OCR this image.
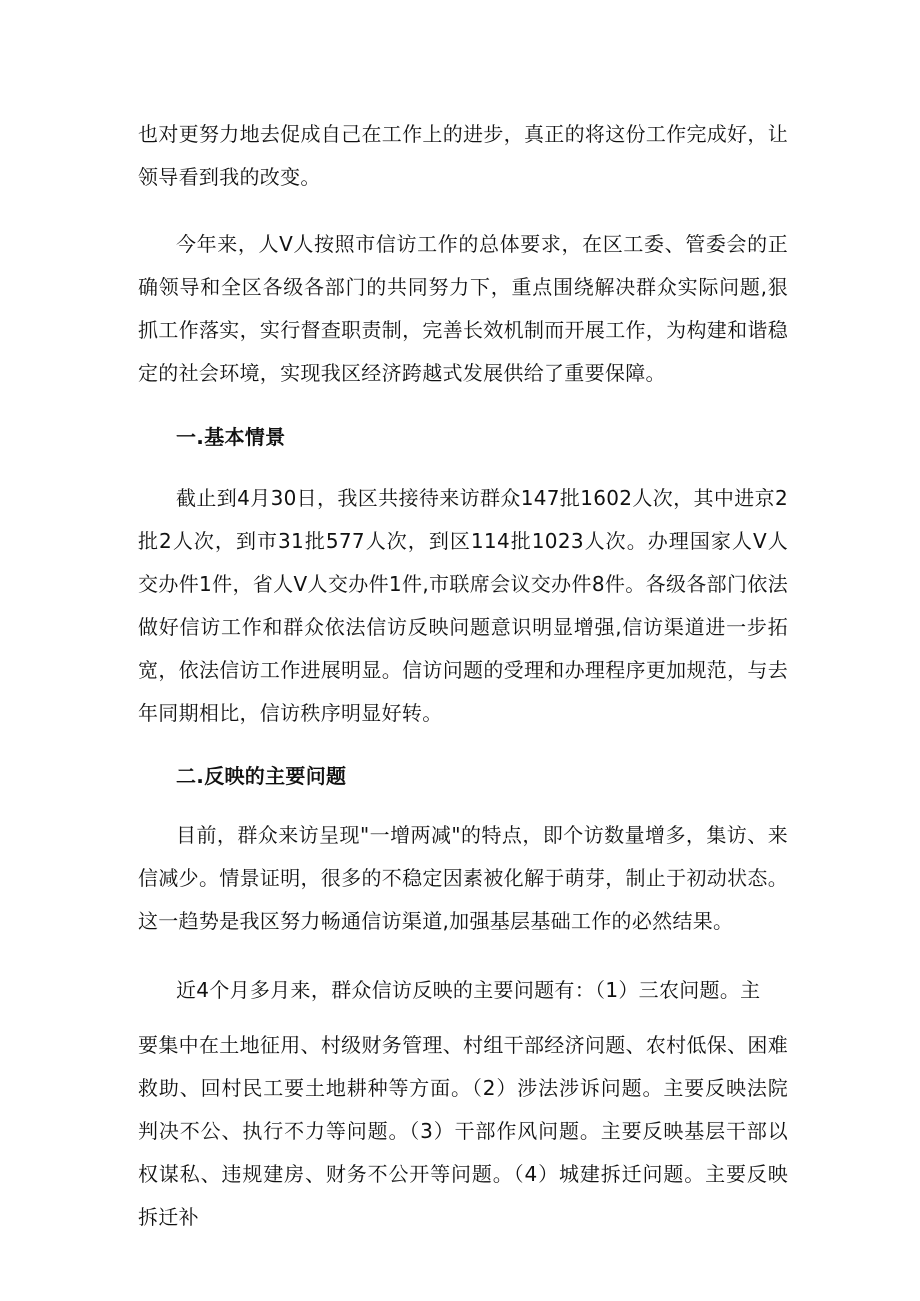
也对更努力地去促成自己在工作上的进步，真正的将这份工作完成好，让领导看到我的改变。

今年来，人V人按照市信访工作的总体要求，在区工委、管委会的正确领导和全区各级各部门的共同努力下，重点围绕解决群众实际问题,狠抓工作落实，实行督查职责制，完善长效机制而开展工作，为构建和谐稳定的社会环境，实现我区经济跨越式发展供给了重要保障。

一.基本情景

截止到4月30日，我区共接待来访群众147批1602人次，其中进京2批2人次，到市31批577人次，到区114批1023人次。办理国家人V人交办件1件，省人V人交办件1件,市联席会议交办件8件。各级各部门依法做好信访工作和群众依法信访反映问题意识明显增强,信访渠道进一步拓宽，依法信访工作进展明显。信访问题的受理和办理程序更加规范，与去年同期相比，信访秩序明显好转。

二.反映的主要问题

目前，群众来访呈现"一增两减"的特点，即个访数量增多，集访、来信减少。情景证明，很多的不稳定因素被化解于萌芽，制止于初动状态。这一趋势是我区努力畅通信访渠道,加强基层基础工作的必然结果。

近4个月多月来，群众信访反映的主要问题有：（1）三农问题。主

要集中在土地征用、村级财务管理、村组干部经济问题、农村低保、困难救助、回村民工要土地耕种等方面。（2）涉法涉诉问题。主要反映法院判决不公、执行不力等问题。（3）干部作风问题。主要反映基层干部以权谋私、违规建房、财务不公开等问题。（4）城建拆迁问题。主要反映拆迁补
